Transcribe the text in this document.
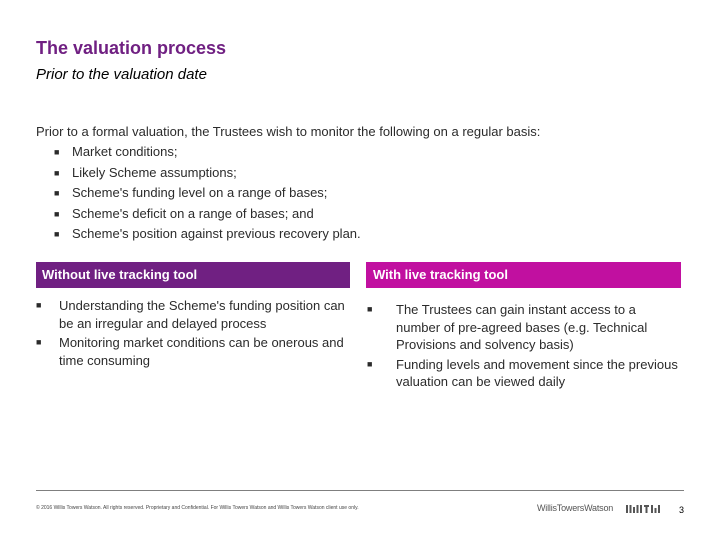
The valuation process
Prior to the valuation date

Prior to a formal valuation, the Trustees wish to monitor the following on a regular basis:

■ Market conditions;
■ Likely Scheme assumptions;
■ Scheme's funding level on a range of bases;
■ Scheme's deficit on a range of bases; and
■ Scheme's position against previous recovery plan.
Without live tracking tool
■ Understanding the Scheme's funding position can be an irregular and delayed process
■ Monitoring market conditions can be onerous and time consuming
With live tracking tool
■ The Trustees can gain instant access to a number of pre-agreed bases (e.g. Technical Provisions and solvency basis)
■ Funding levels and movement since the previous valuation can be viewed daily
© 2016 Willis Towers Watson. All rights reserved. Proprietary and Confidential. For Willis Towers Watson and Willis Towers Watson client use only.	WillisTowersWatson	3
